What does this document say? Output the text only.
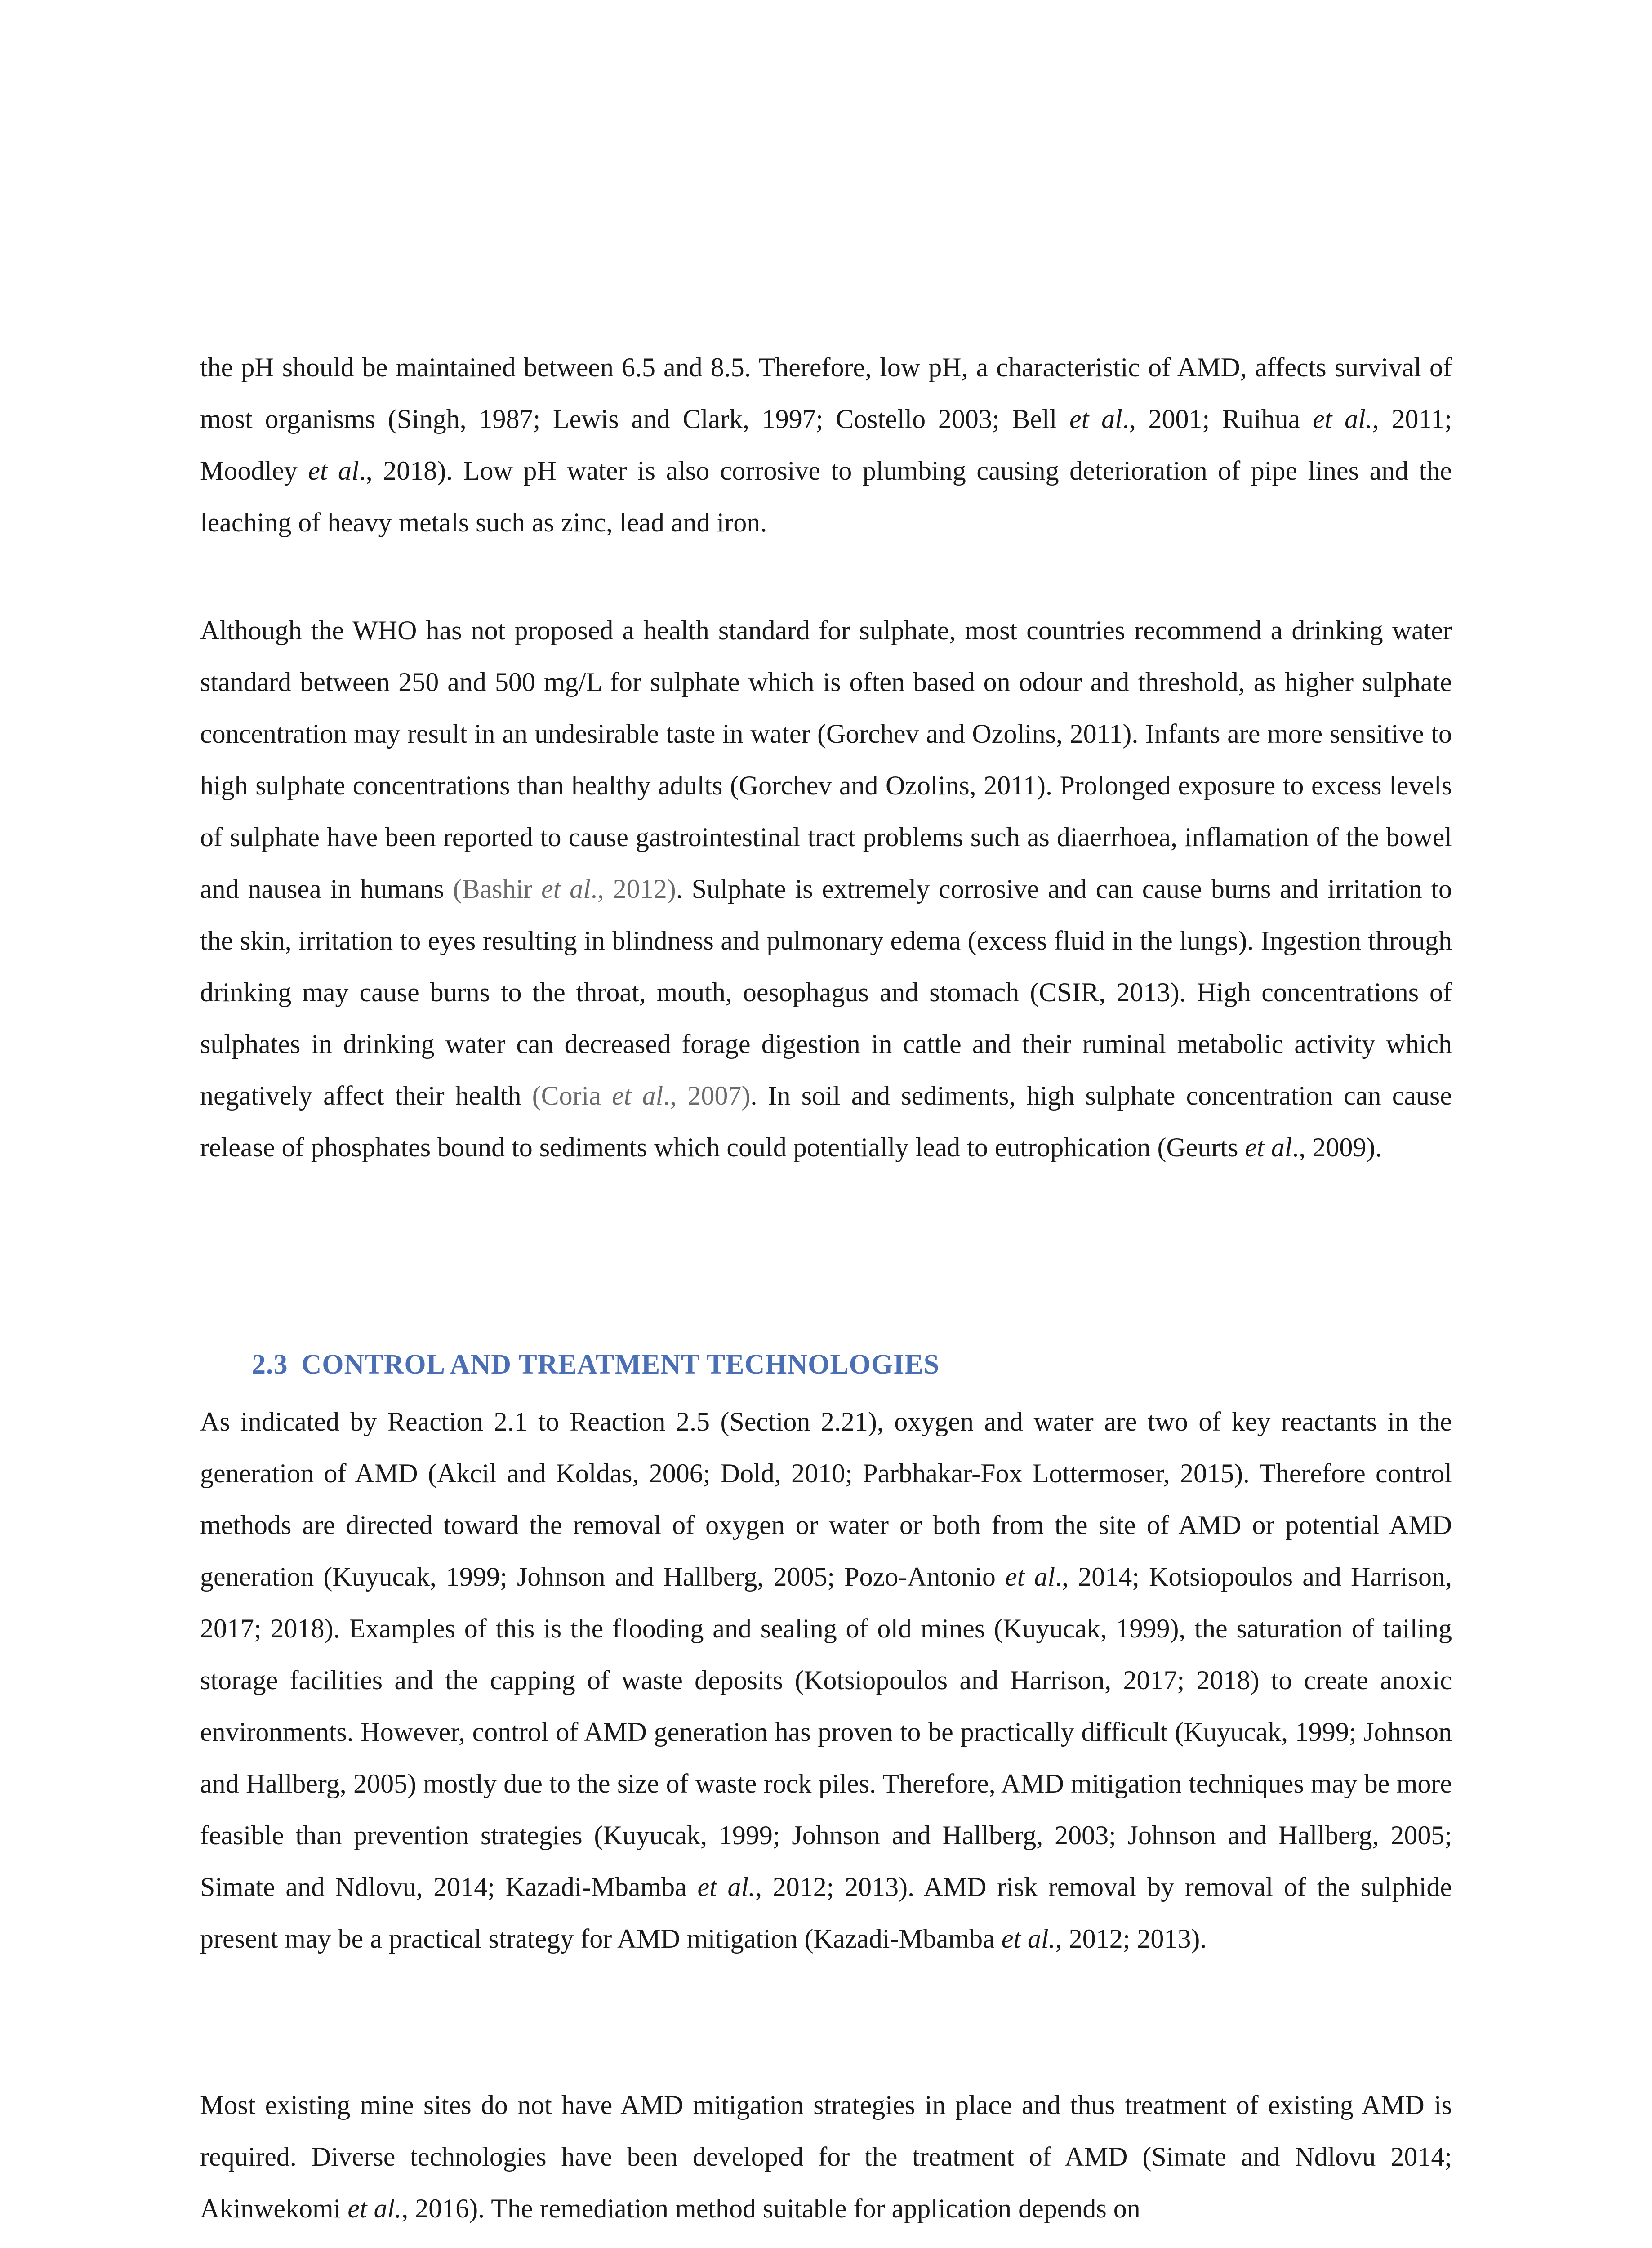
the pH should be maintained between 6.5 and 8.5. Therefore, low pH, a characteristic of AMD, affects survival of most organisms (Singh, 1987; Lewis and Clark, 1997; Costello 2003; Bell et al., 2001; Ruihua et al., 2011; Moodley et al., 2018). Low pH water is also corrosive to plumbing causing deterioration of pipe lines and the leaching of heavy metals such as zinc, lead and iron.

Although the WHO has not proposed a health standard for sulphate, most countries recommend a drinking water standard between 250 and 500 mg/L for sulphate which is often based on odour and threshold, as higher sulphate concentration may result in an undesirable taste in water (Gorchev and Ozolins, 2011). Infants are more sensitive to high sulphate concentrations than healthy adults (Gorchev and Ozolins, 2011). Prolonged exposure to excess levels of sulphate have been reported to cause gastrointestinal tract problems such as diaerrhoea, inflamation of the bowel and nausea in humans (Bashir et al., 2012). Sulphate is extremely corrosive and can cause burns and irritation to the skin, irritation to eyes resulting in blindness and pulmonary edema (excess fluid in the lungs). Ingestion through drinking may cause burns to the throat, mouth, oesophagus and stomach (CSIR, 2013). High concentrations of sulphates in drinking water can decreased forage digestion in cattle and their ruminal metabolic activity which negatively affect their health (Coria et al., 2007). In soil and sediments, high sulphate concentration can cause release of phosphates bound to sediments which could potentially lead to eutrophication (Geurts et al., 2009).

2.3 CONTROL AND TREATMENT TECHNOLOGIES

As indicated by Reaction 2.1 to Reaction 2.5 (Section 2.21), oxygen and water are two of key reactants in the generation of AMD (Akcil and Koldas, 2006; Dold, 2010; Parbhakar-Fox Lottermoser, 2015). Therefore control methods are directed toward the removal of oxygen or water or both from the site of AMD or potential AMD generation (Kuyucak, 1999; Johnson and Hallberg, 2005; Pozo-Antonio et al., 2014; Kotsiopoulos and Harrison, 2017; 2018). Examples of this is the flooding and sealing of old mines (Kuyucak, 1999), the saturation of tailing storage facilities and the capping of waste deposits (Kotsiopoulos and Harrison, 2017; 2018) to create anoxic environments. However, control of AMD generation has proven to be practically difficult (Kuyucak, 1999; Johnson and Hallberg, 2005) mostly due to the size of waste rock piles. Therefore, AMD mitigation techniques may be more feasible than prevention strategies (Kuyucak, 1999; Johnson and Hallberg, 2003; Johnson and Hallberg, 2005; Simate and Ndlovu, 2014; Kazadi-Mbamba et al., 2012; 2013). AMD risk removal by removal of the sulphide present may be a practical strategy for AMD mitigation (Kazadi-Mbamba et al., 2012; 2013).

Most existing mine sites do not have AMD mitigation strategies in place and thus treatment of existing AMD is required. Diverse technologies have been developed for the treatment of AMD (Simate and Ndlovu 2014; Akinwekomi et al., 2016). The remediation method suitable for application depends on
